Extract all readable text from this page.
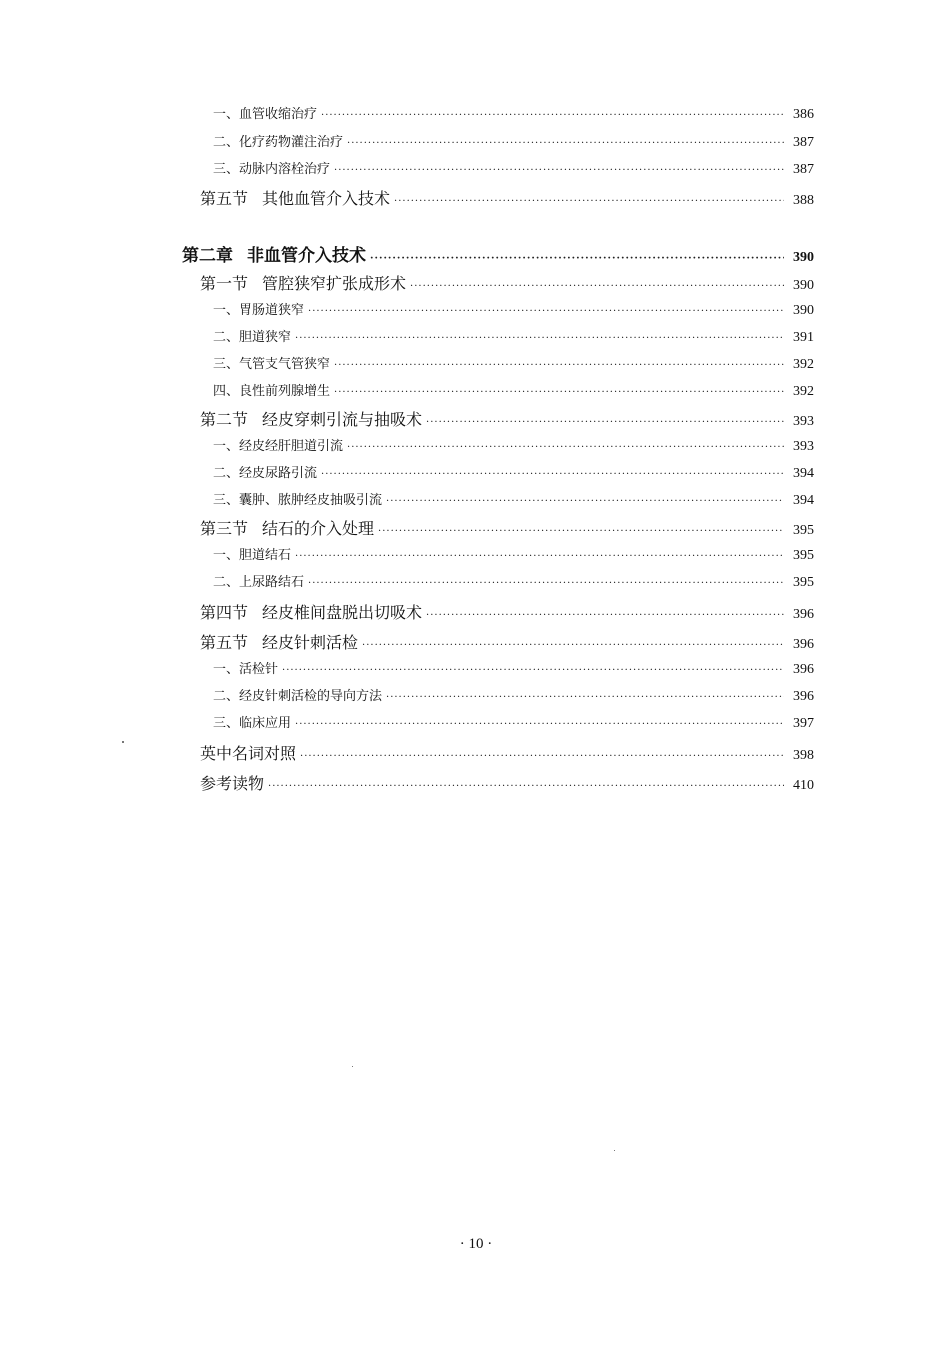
一、血管收缩治疗 ·····	386
二、化疗药物灌注治疗 ·····	387
三、动脉内溶栓治疗 ·····	387
第五节 其他血管介入技术 ·····	388
第二章 非血管介入技术 ·····	390
第一节 管腔狭窄扩张成形术 ·····	390
一、胃肠道狭窄 ·····	390
二、胆道狭窄 ·····	391
三、气管支气管狭窄 ·····	392
四、良性前列腺增生 ·····	392
第二节 经皮穿刺引流与抽吸术 ·····	393
一、经皮经肝胆道引流 ·····	393
二、经皮尿路引流 ·····	394
三、囊肿、脓肿经皮抽吸引流 ·····	394
第三节 结石的介入处理 ·····	395
一、胆道结石 ·····	395
二、上尿路结石 ·····	395
第四节 经皮椎间盘脱出切吸术 ·····	396
第五节 经皮针刺活检 ·····	396
一、活检针 ·····	396
二、经皮针刺活检的导向方法 ·····	396
三、临床应用 ·····	397
英中名词对照 ·····	398
参考读物 ·····	410
· 10 ·
